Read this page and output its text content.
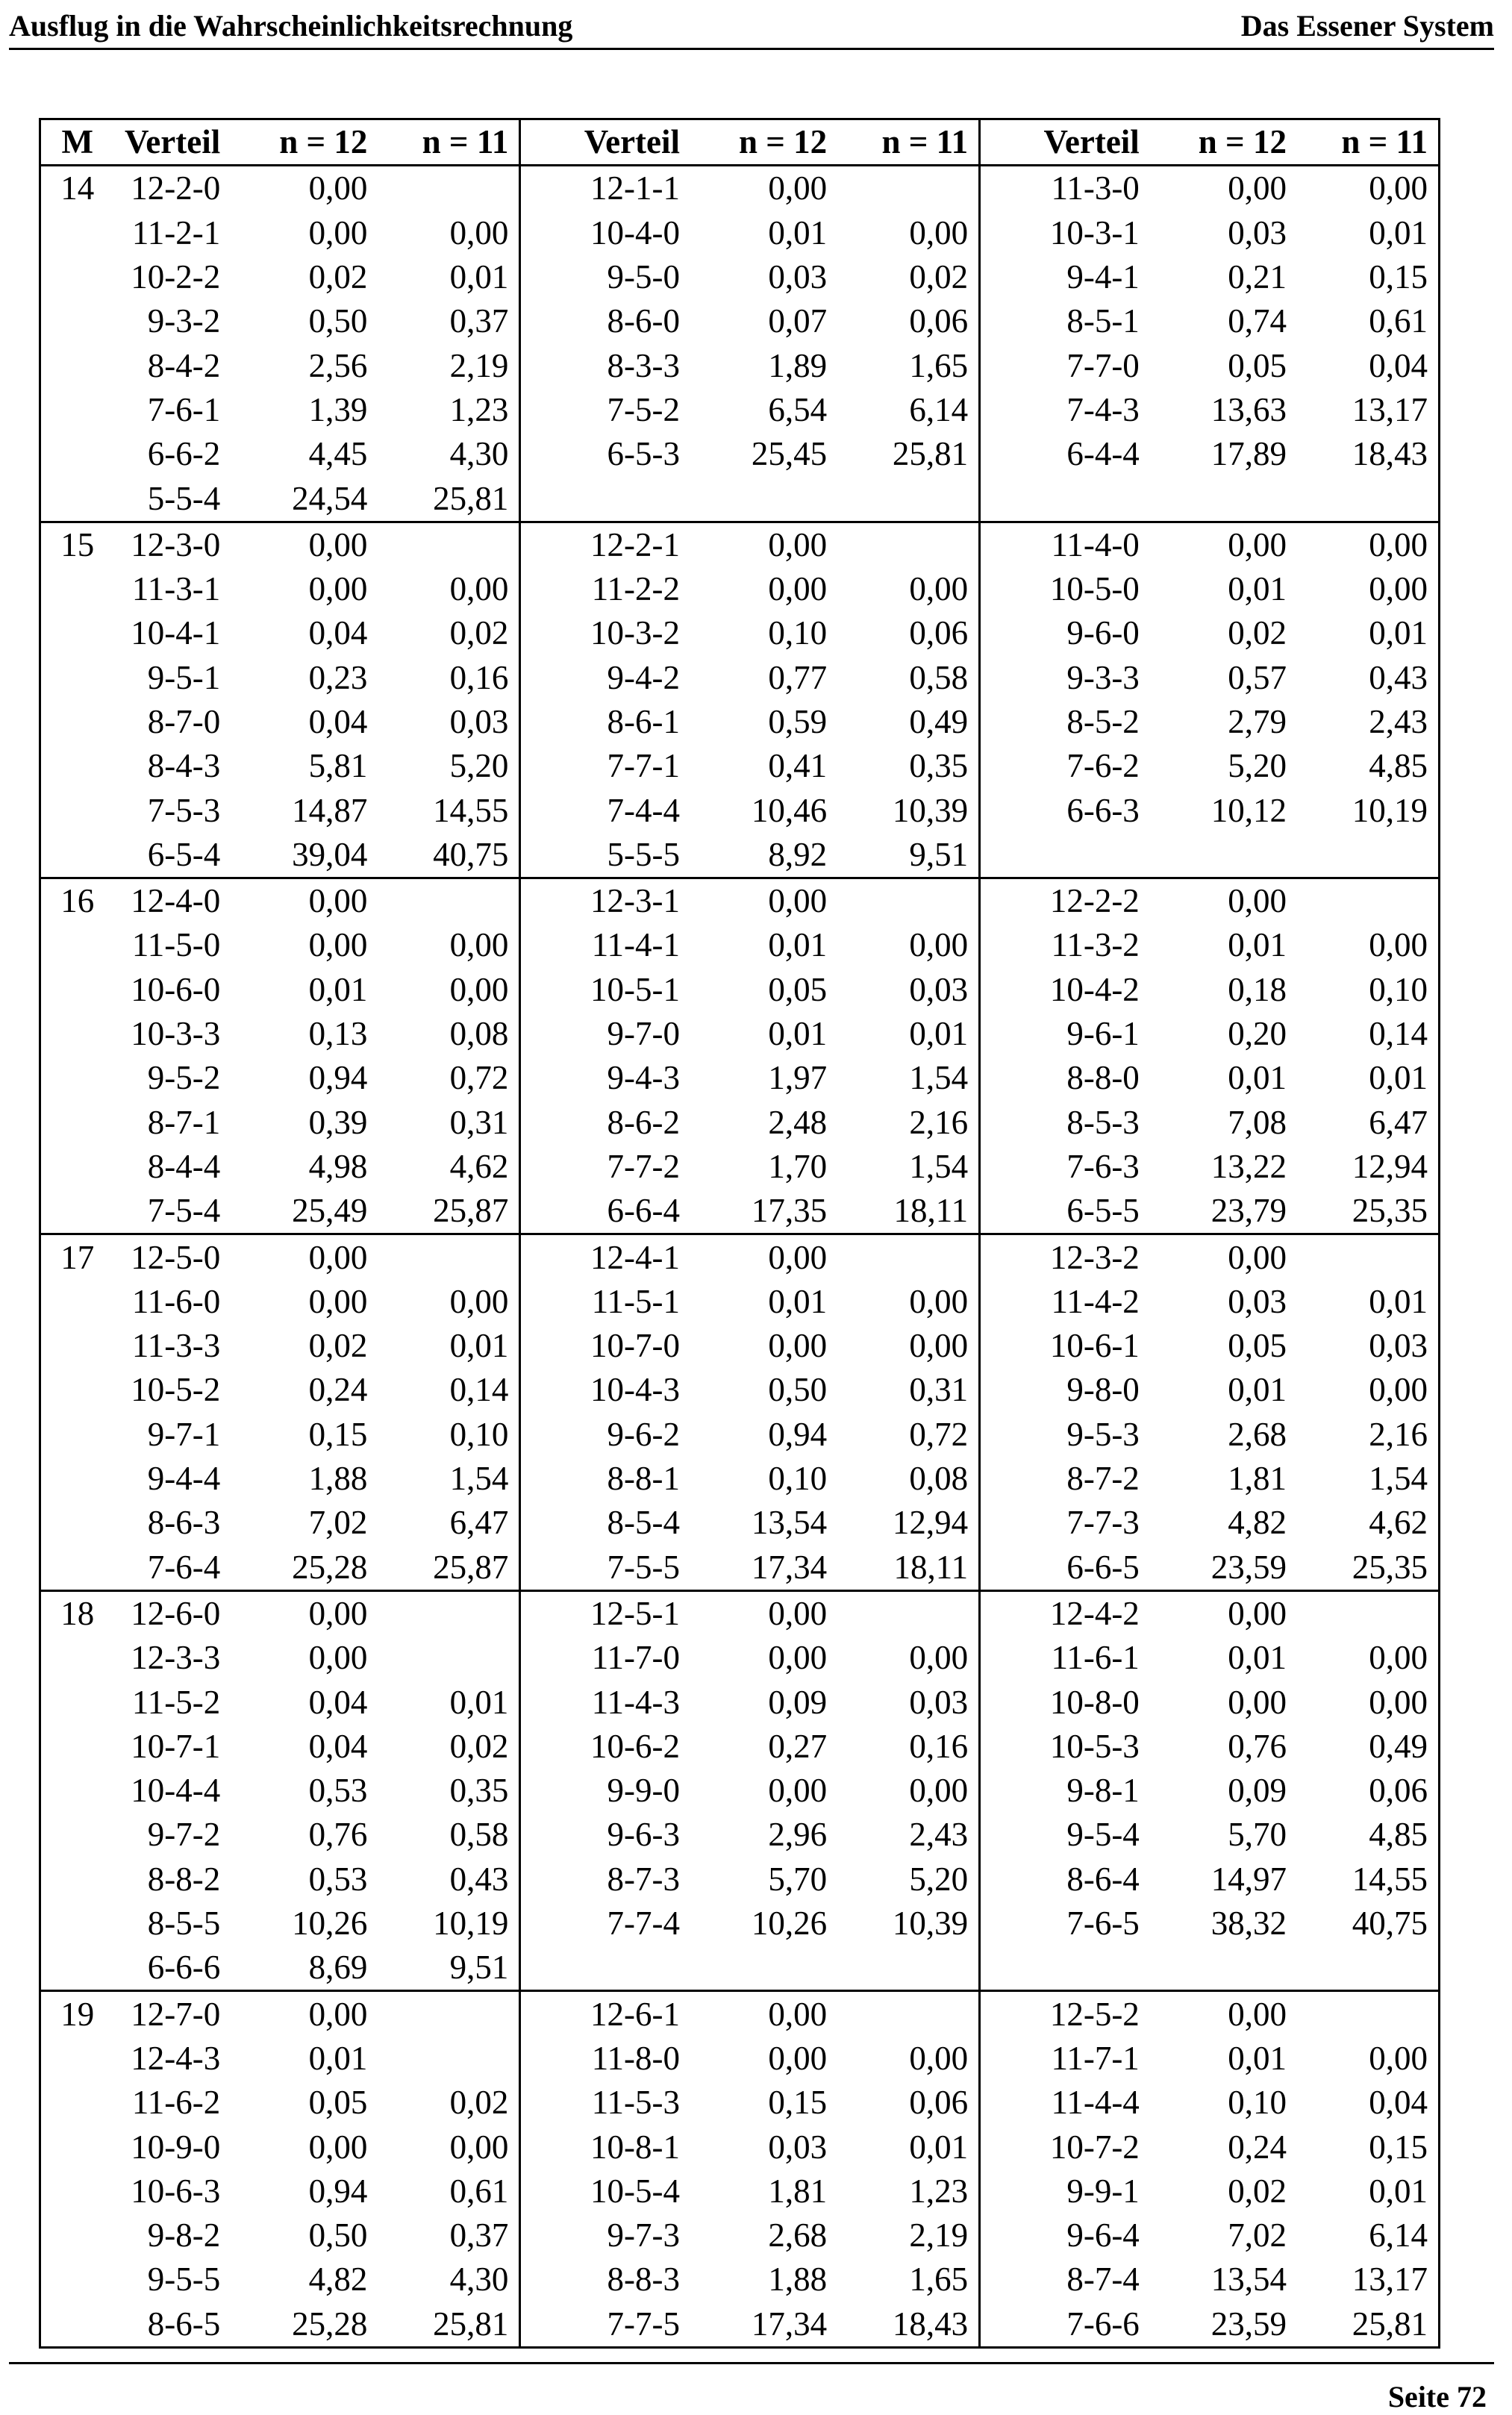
Ausflug in die Wahrscheinlichkeitsrechnung	Das Essener System
M	Verteil	n = 12	n = 11	Verteil	n = 12	n = 11	Verteil	n = 12	n = 11
14	12-2-0	0,00		12-1-1	0,00		11-3-0	0,00	0,00
	11-2-1	0,00	0,00	10-4-0	0,01	0,00	10-3-1	0,03	0,01
	10-2-2	0,02	0,01	9-5-0	0,03	0,02	9-4-1	0,21	0,15
	9-3-2	0,50	0,37	8-6-0	0,07	0,06	8-5-1	0,74	0,61
	8-4-2	2,56	2,19	8-3-3	1,89	1,65	7-7-0	0,05	0,04
	7-6-1	1,39	1,23	7-5-2	6,54	6,14	7-4-3	13,63	13,17
	6-6-2	4,45	4,30	6-5-3	25,45	25,81	6-4-4	17,89	18,43
	5-5-4	24,54	25,81						
15	12-3-0	0,00		12-2-1	0,00		11-4-0	0,00	0,00
	11-3-1	0,00	0,00	11-2-2	0,00	0,00	10-5-0	0,01	0,00
	10-4-1	0,04	0,02	10-3-2	0,10	0,06	9-6-0	0,02	0,01
	9-5-1	0,23	0,16	9-4-2	0,77	0,58	9-3-3	0,57	0,43
	8-7-0	0,04	0,03	8-6-1	0,59	0,49	8-5-2	2,79	2,43
	8-4-3	5,81	5,20	7-7-1	0,41	0,35	7-6-2	5,20	4,85
	7-5-3	14,87	14,55	7-4-4	10,46	10,39	6-6-3	10,12	10,19
	6-5-4	39,04	40,75	5-5-5	8,92	9,51			
16	12-4-0	0,00		12-3-1	0,00		12-2-2	0,00	
	11-5-0	0,00	0,00	11-4-1	0,01	0,00	11-3-2	0,01	0,00
	10-6-0	0,01	0,00	10-5-1	0,05	0,03	10-4-2	0,18	0,10
	10-3-3	0,13	0,08	9-7-0	0,01	0,01	9-6-1	0,20	0,14
	9-5-2	0,94	0,72	9-4-3	1,97	1,54	8-8-0	0,01	0,01
	8-7-1	0,39	0,31	8-6-2	2,48	2,16	8-5-3	7,08	6,47
	8-4-4	4,98	4,62	7-7-2	1,70	1,54	7-6-3	13,22	12,94
	7-5-4	25,49	25,87	6-6-4	17,35	18,11	6-5-5	23,79	25,35
17	12-5-0	0,00		12-4-1	0,00		12-3-2	0,00	
	11-6-0	0,00	0,00	11-5-1	0,01	0,00	11-4-2	0,03	0,01
	11-3-3	0,02	0,01	10-7-0	0,00	0,00	10-6-1	0,05	0,03
	10-5-2	0,24	0,14	10-4-3	0,50	0,31	9-8-0	0,01	0,00
	9-7-1	0,15	0,10	9-6-2	0,94	0,72	9-5-3	2,68	2,16
	9-4-4	1,88	1,54	8-8-1	0,10	0,08	8-7-2	1,81	1,54
	8-6-3	7,02	6,47	8-5-4	13,54	12,94	7-7-3	4,82	4,62
	7-6-4	25,28	25,87	7-5-5	17,34	18,11	6-6-5	23,59	25,35
18	12-6-0	0,00		12-5-1	0,00		12-4-2	0,00	
	12-3-3	0,00		11-7-0	0,00	0,00	11-6-1	0,01	0,00
	11-5-2	0,04	0,01	11-4-3	0,09	0,03	10-8-0	0,00	0,00
	10-7-1	0,04	0,02	10-6-2	0,27	0,16	10-5-3	0,76	0,49
	10-4-4	0,53	0,35	9-9-0	0,00	0,00	9-8-1	0,09	0,06
	9-7-2	0,76	0,58	9-6-3	2,96	2,43	9-5-4	5,70	4,85
	8-8-2	0,53	0,43	8-7-3	5,70	5,20	8-6-4	14,97	14,55
	8-5-5	10,26	10,19	7-7-4	10,26	10,39	7-6-5	38,32	40,75
	6-6-6	8,69	9,51						
19	12-7-0	0,00		12-6-1	0,00		12-5-2	0,00	
	12-4-3	0,01		11-8-0	0,00	0,00	11-7-1	0,01	0,00
	11-6-2	0,05	0,02	11-5-3	0,15	0,06	11-4-4	0,10	0,04
	10-9-0	0,00	0,00	10-8-1	0,03	0,01	10-7-2	0,24	0,15
	10-6-3	0,94	0,61	10-5-4	1,81	1,23	9-9-1	0,02	0,01
	9-8-2	0,50	0,37	9-7-3	2,68	2,19	9-6-4	7,02	6,14
	9-5-5	4,82	4,30	8-8-3	1,88	1,65	8-7-4	13,54	13,17
	8-6-5	25,28	25,81	7-7-5	17,34	18,43	7-6-6	23,59	25,81
Seite 72
